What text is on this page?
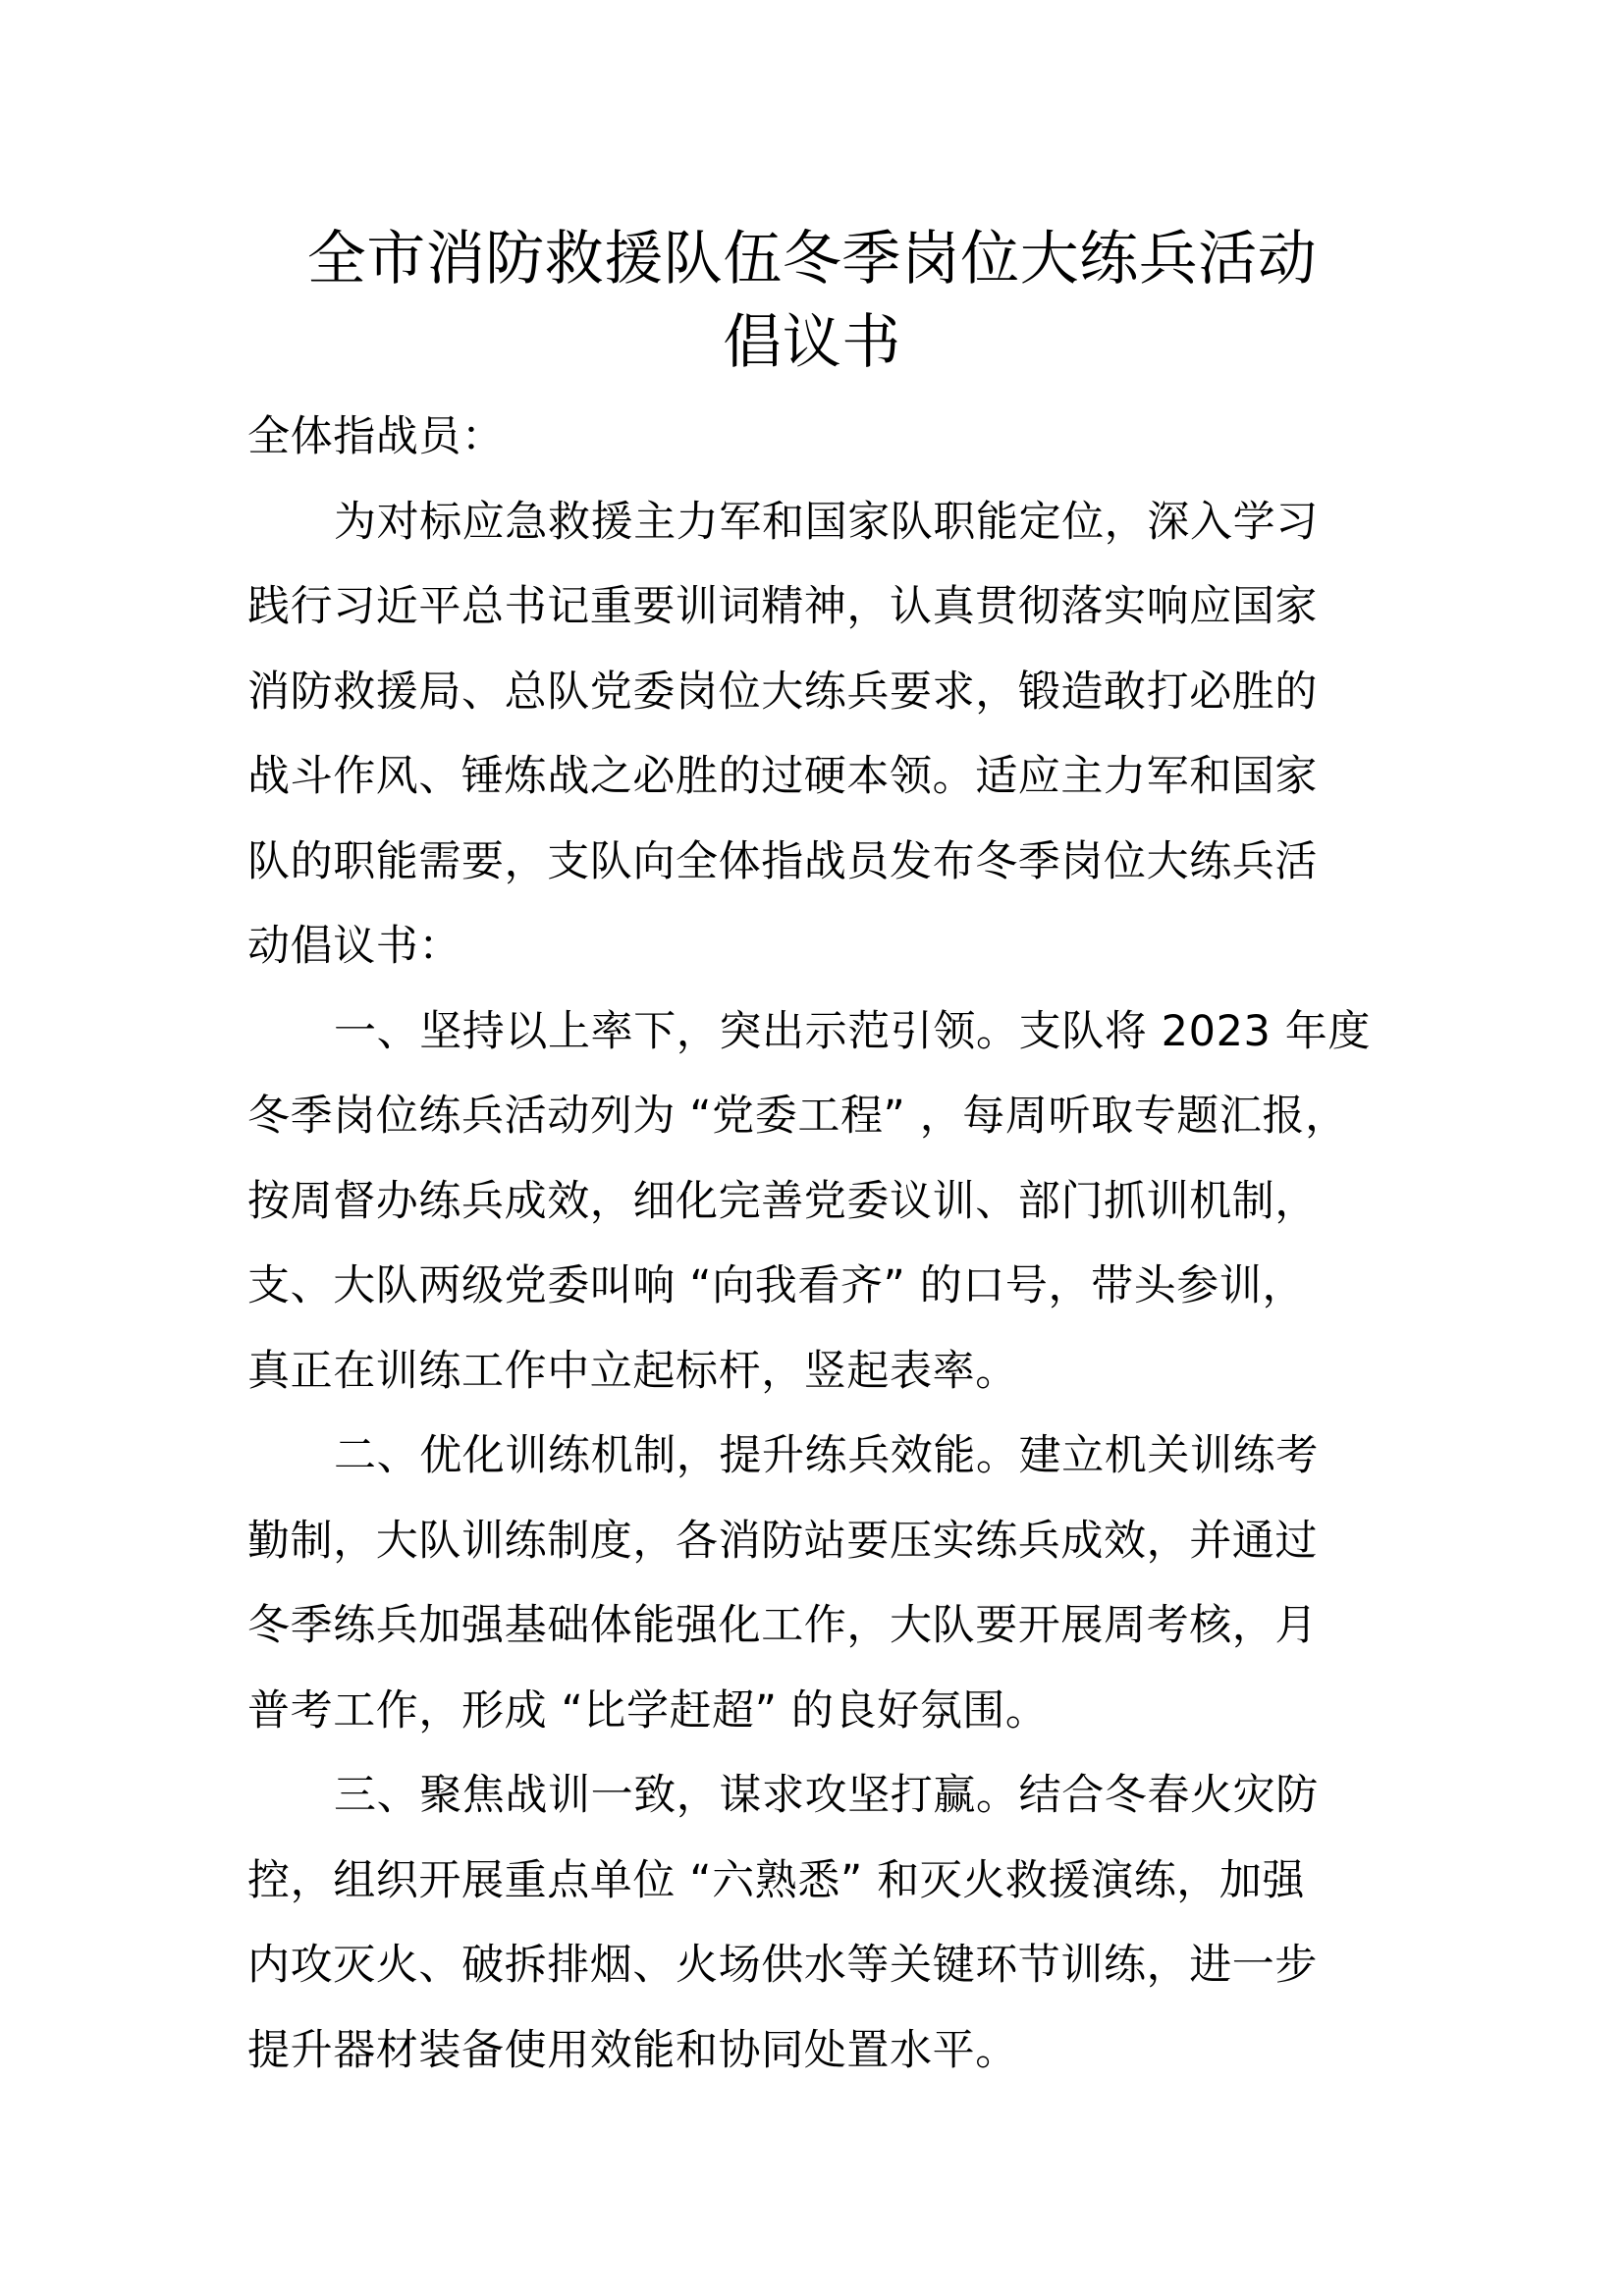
全市消防救援队伍冬季岗位大练兵活动
倡议书
全体指战员：
为对标应急救援主力军和国家队职能定位，深入学习
践行习近平总书记重要训词精神，认真贯彻落实响应国家
消防救援局、总队党委岗位大练兵要求，锻造敢打必胜的
战斗作风、锤炼战之必胜的过硬本领。适应主力军和国家
队的职能需要，支队向全体指战员发布冬季岗位大练兵活
动倡议书：
一、坚持以上率下，突出示范引领。支队将 2023 年度
冬季岗位练兵活动列为 “党委工程” ，每周听取专题汇报，
按周督办练兵成效，细化完善党委议训、部门抓训机制，
支、大队两级党委叫响 “向我看齐” 的口号，带头参训，
真正在训练工作中立起标杆，竖起表率。
二、优化训练机制，提升练兵效能。建立机关训练考
勤制，大队训练制度，各消防站要压实练兵成效，并通过
冬季练兵加强基础体能强化工作，大队要开展周考核，月
普考工作，形成 “比学赶超” 的良好氛围。
三、聚焦战训一致，谋求攻坚打赢。结合冬春火灾防
控，组织开展重点单位 “六熟悉” 和灭火救援演练，加强
内攻灭火、破拆排烟、火场供水等关键环节训练，进一步
提升器材装备使用效能和协同处置水平。
